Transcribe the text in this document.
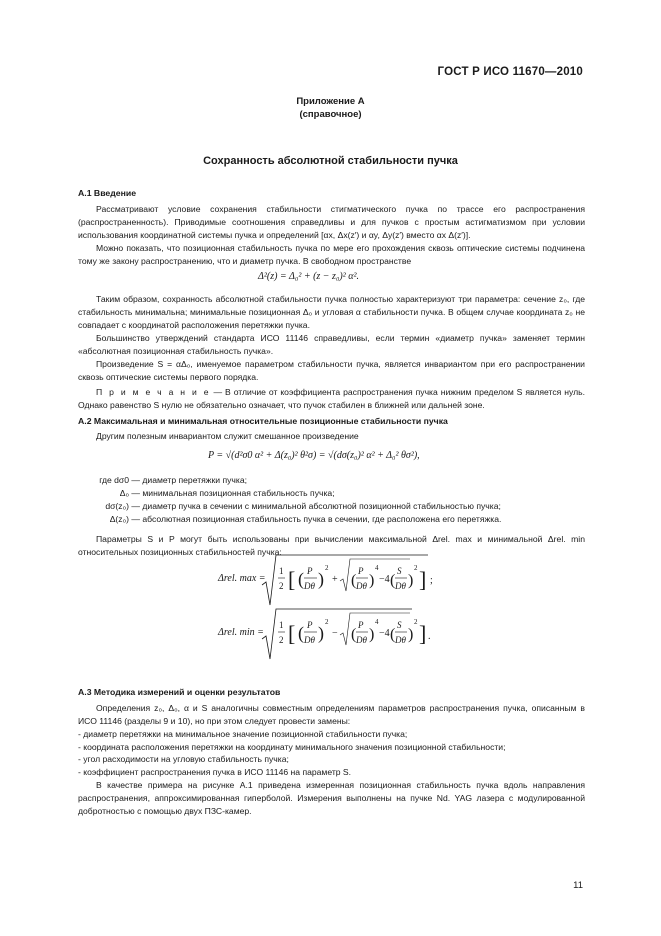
ГОСТ Р ИСО 11670—2010
Приложение А
(справочное)
Сохранность абсолютной стабильности пучка
А.1 Введение
Рассматривают условие сохранения стабильности стигматического пучка по трассе его распространения (распространенность). Приводимые соотношения справедливы и для пучков с простым астигматизмом при условии использования координатной системы пучка и определений [αx, Δx(z′) и αy, Δy(z′) вместо αx Δ(z′)].
Можно показать, что позиционная стабильность пучка по мере его прохождения сквозь оптические системы подчинена тому же закону распространению, что и диаметр пучка. В свободном пространстве
Δ²(z) = Δ₀² + (z − z₀)² α².
Таким образом, сохранность абсолютной стабильности пучка полностью характеризуют три параметра: сечение z₀, где стабильность минимальна; минимальные позиционная Δ₀ и угловая α стабильности пучка. В общем случае координата z₀ не совпадает с координатой расположения перетяжки пучка.
Большинство утверждений стандарта ИСО 11146 справедливы, если термин «диаметр пучка» заменяет термин «абсолютная позиционная стабильность пучка».
Произведение S = αΔ₀, именуемое параметром стабильности пучка, является инвариантом при его распространении сквозь оптические системы первого порядка.
П р и м е ч а н и е — В отличие от коэффициента распространения пучка нижним пределом S является нуль. Однако равенство S нулю не обязательно означает, что пучок стабилен в ближней или дальней зоне.
А.2 Максимальная и минимальная относительные позиционные стабильности пучка
Другим полезным инвариантом служит смешанное произведение
P = √(d²σ0 α² + Δ(z₀)² θ²σ) = √(dσ(z₀)² α² + Δ₀² θσ²),
где dσ0 — диаметр перетяжки пучка;
Δ₀ — минимальная позиционная стабильность пучка;
dσ(z₀) — диаметр пучка в сечении с минимальной абсолютной позиционной стабильностью пучка;
Δ(z₀) — абсолютная позиционная стабильность пучка в сечении, где расположена его перетяжка.
Параметры S и P могут быть использованы при вычислении максимальной Δrel. max и минимальной Δrel. min относительных позиционных стабильностей пучка:
Δrel. max =
1
2 [ ( P
Dθ )
2
+ (
P
Dθ )
4
−4 (
S
Dθ )
2 ] ;
Δrel. min =
1
2 [ ( P
Dθ )
2
− (
P
Dθ )
4
−4 (
S
Dθ )
2 ] .
А.3 Методика измерений и оценки результатов
Определения z₀, Δ₀, α и S аналогичны совместным определениям параметров распространения пучка, описанным в ИСО 11146 (разделы 9 и 10), но при этом следует провести замены:
- диаметр перетяжки на минимальное значение позиционной стабильности пучка;
- координата расположения перетяжки на координату минимального значения позиционной стабильности;
- угол расходимости на угловую стабильность пучка;
- коэффициент распространения пучка в ИСО 11146 на параметр S.
В качестве примера на рисунке А.1 приведена измеренная позиционная стабильность пучка вдоль направления распространения, аппроксимированная гиперболой. Измерения выполнены на пучке Nd. YAG лазера с модулированной добротностью с помощью двух ПЗС-камер.
11
